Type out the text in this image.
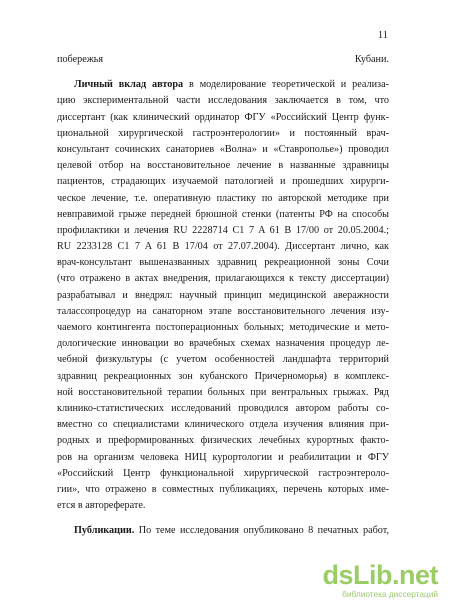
11
побережья Кубани.
Личный вклад автора в моделирование теоретической и реализа-
цию экспериментальной части исследования заключается в том, что
диссертант (как клинический ординатор ФГУ «Российский Центр функ-
циональной хирургической гастроэнтерологии» и постоянный врач-
консультант сочинских санаториев «Волна» и «Ставрополье») проводил
целевой отбор на восстановительное лечение в названные здравницы
пациентов, страдающих изучаемой патологией и прошедших хирурги-
ческое лечение, т.е. оперативную пластику по авторской методике при
невправимой грыже передней брюшной стенки (патенты РФ на способы
профилактики и лечения RU 2228714 C1 7 A 61 B 17/00 от 20.05.2004.;
RU 2233128 C1 7 A 61 B 17/04 от 27.07.2004). Диссертант лично, как
врач-консультант вышеназванных здравниц рекреационной зоны Сочи
(что отражено в актах внедрения, прилагающихся к тексту диссертации)
разрабатывал и внедрял: научный принцип медицинской аверажности
талассопроцедур на санаторном этапе восстановительного лечения изу-
чаемого контингента постоперационных больных; методические и мето-
дологические инновации во врачебных схемах назначения процедур ле-
чебной физкультуры (с учетом особенностей ландшафта территорий
здравниц рекреационных зон кубанского Причерноморья) в комплекс-
ной восстановительной терапии больных при вентральных грыжах. Ряд
клинико-статистических исследований проводился автором работы со-
вместно со специалистами клинического отдела изучения влияния при-
родных и преформированных физических лечебных курортных факто-
ров на организм человека НИЦ курортологии и реабилитации и ФГУ
«Российский Центр функциональной хирургической гастроэнтероло-
гии», что отражено в совместных публикациях, перечень которых име-
ется в автореферате.
Публикации. По теме исследования опубликовано 8 печатных работ,
dsLib.net
библиотека диссертаций
